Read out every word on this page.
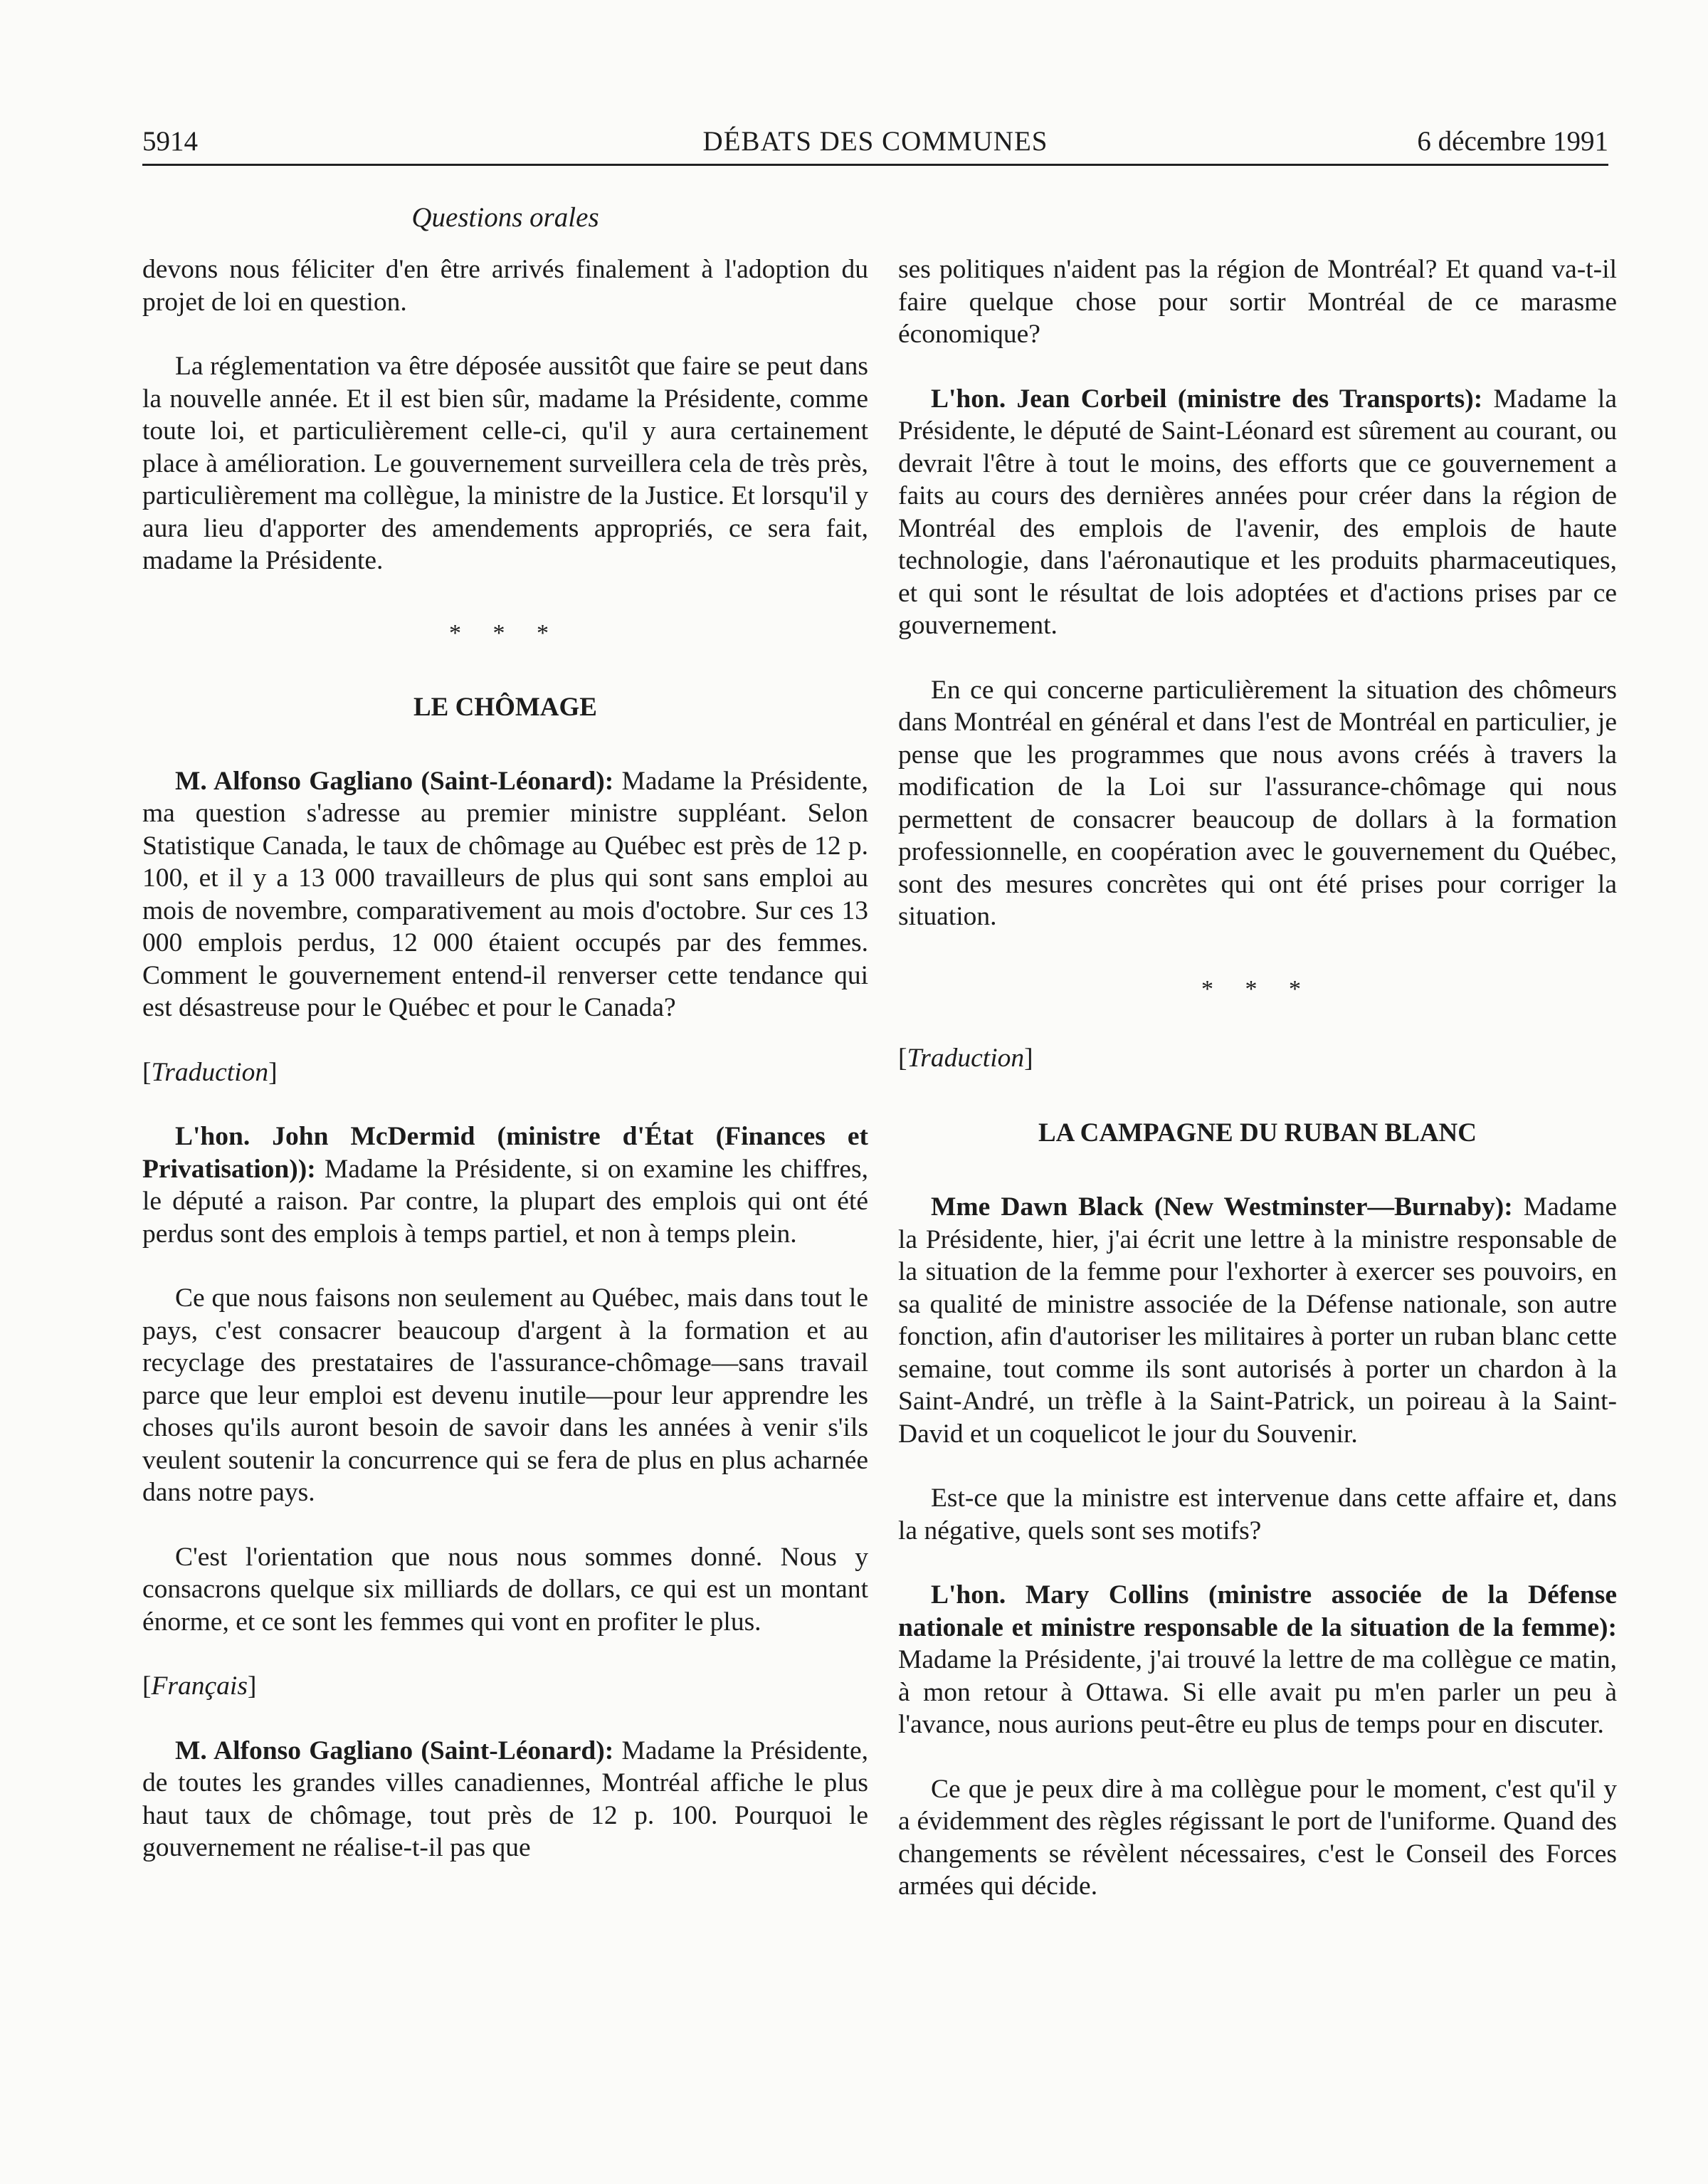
DÉBATS DES COMMUNES
5914	6 décembre 1991
Questions orales

devons nous féliciter d'en être arrivés finalement à l'adoption du projet de loi en question.

La réglementation va être déposée aussitôt que faire se peut dans la nouvelle année. Et il est bien sûr, madame la Présidente, comme toute loi, et particulièrement celle-ci, qu'il y aura certainement place à amélioration. Le gouvernement surveillera cela de très près, particulièrement ma collègue, la ministre de la Justice. Et lorsqu'il y aura lieu d'apporter des amendements appropriés, ce sera fait, madame la Présidente.

* * *

LE CHÔMAGE

M. Alfonso Gagliano (Saint-Léonard): Madame la Présidente, ma question s'adresse au premier ministre suppléant. Selon Statistique Canada, le taux de chômage au Québec est près de 12 p. 100, et il y a 13 000 travailleurs de plus qui sont sans emploi au mois de novembre, comparativement au mois d'octobre. Sur ces 13 000 emplois perdus, 12 000 étaient occupés par des femmes. Comment le gouvernement entend-il renverser cette tendance qui est désastreuse pour le Québec et pour le Canada?

[Traduction]

L'hon. John McDermid (ministre d'État (Finances et Privatisation)): Madame la Présidente, si on examine les chiffres, le député a raison. Par contre, la plupart des emplois qui ont été perdus sont des emplois à temps partiel, et non à temps plein.

Ce que nous faisons non seulement au Québec, mais dans tout le pays, c'est consacrer beaucoup d'argent à la formation et au recyclage des prestataires de l'assurance-chômage—sans travail parce que leur emploi est devenu inutile—pour leur apprendre les choses qu'ils auront besoin de savoir dans les années à venir s'ils veulent soutenir la concurrence qui se fera de plus en plus acharnée dans notre pays.

C'est l'orientation que nous nous sommes donné. Nous y consacrons quelque six milliards de dollars, ce qui est un montant énorme, et ce sont les femmes qui vont en profiter le plus.

[Français]

M. Alfonso Gagliano (Saint-Léonard): Madame la Présidente, de toutes les grandes villes canadiennes, Montréal affiche le plus haut taux de chômage, tout près de 12 p. 100. Pourquoi le gouvernement ne réalise-t-il pas que

ses politiques n'aident pas la région de Montréal? Et quand va-t-il faire quelque chose pour sortir Montréal de ce marasme économique?

L'hon. Jean Corbeil (ministre des Transports): Madame la Présidente, le député de Saint-Léonard est sûrement au courant, ou devrait l'être à tout le moins, des efforts que ce gouvernement a faits au cours des dernières années pour créer dans la région de Montréal des emplois de l'avenir, des emplois de haute technologie, dans l'aéronautique et les produits pharmaceutiques, et qui sont le résultat de lois adoptées et d'actions prises par ce gouvernement.

En ce qui concerne particulièrement la situation des chômeurs dans Montréal en général et dans l'est de Montréal en particulier, je pense que les programmes que nous avons créés à travers la modification de la Loi sur l'assurance-chômage qui nous permettent de consacrer beaucoup de dollars à la formation professionnelle, en coopération avec le gouvernement du Québec, sont des mesures concrètes qui ont été prises pour corriger la situation.

* * *

[Traduction]

LA CAMPAGNE DU RUBAN BLANC

Mme Dawn Black (New Westminster—Burnaby): Madame la Présidente, hier, j'ai écrit une lettre à la ministre responsable de la situation de la femme pour l'exhorter à exercer ses pouvoirs, en sa qualité de ministre associée de la Défense nationale, son autre fonction, afin d'autoriser les militaires à porter un ruban blanc cette semaine, tout comme ils sont autorisés à porter un chardon à la Saint-André, un trèfle à la Saint-Patrick, un poireau à la Saint-David et un coquelicot le jour du Souvenir.

Est-ce que la ministre est intervenue dans cette affaire et, dans la négative, quels sont ses motifs?

L'hon. Mary Collins (ministre associée de la Défense nationale et ministre responsable de la situation de la femme): Madame la Présidente, j'ai trouvé la lettre de ma collègue ce matin, à mon retour à Ottawa. Si elle avait pu m'en parler un peu à l'avance, nous aurions peut-être eu plus de temps pour en discuter.

Ce que je peux dire à ma collègue pour le moment, c'est qu'il y a évidemment des règles régissant le port de l'uniforme. Quand des changements se révèlent nécessaires, c'est le Conseil des Forces armées qui décide.
